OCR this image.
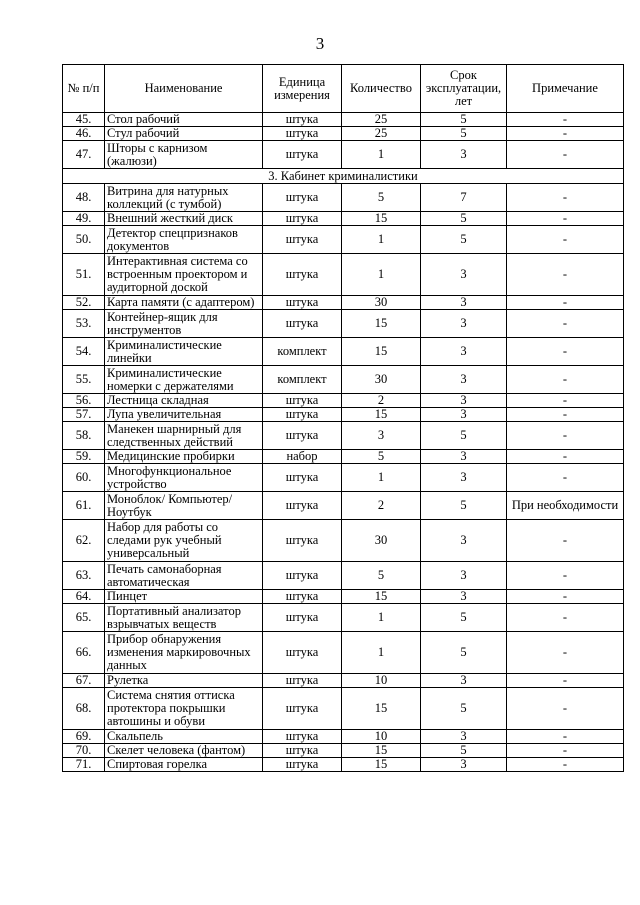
3
№ п/п	Наименование	Единица измерения	Количество	Срок эксплуатации, лет	Примечание
45.	Стол рабочий	штука	25	5	-
46.	Стул рабочий	штука	25	5	-
47.	Шторы с карнизом (жалюзи)	штука	1	3	-
3. Кабинет криминалистики					
48.	Витрина для натурных коллекций (с тумбой)	штука	5	7	-
49.	Внешний жесткий диск	штука	15	5	-
50.	Детектор спецпризнаков документов	штука	1	5	-
51.	Интерактивная система со встроенным проектором и аудиторной доской	штука	1	3	-
52.	Карта памяти (с адаптером)	штука	30	3	-
53.	Контейнер-ящик для инструментов	штука	15	3	-
54.	Криминалистические линейки	комплект	15	3	-
55.	Криминалистические номерки с держателями	комплект	30	3	-
56.	Лестница складная	штука	2	3	-
57.	Лупа увеличительная	штука	15	3	-
58.	Манекен шарнирный для следственных действий	штука	3	5	-
59.	Медицинские пробирки	набор	5	3	-
60.	Многофункциональное устройство	штука	1	3	-
61.	Моноблок/ Компьютер/ Ноутбук	штука	2	5	При необходимости
62.	Набор для работы со следами рук учебный универсальный	штука	30	3	-
63.	Печать самонаборная автоматическая	штука	5	3	-
64.	Пинцет	штука	15	3	-
65.	Портативный анализатор взрывчатых веществ	штука	1	5	-
66.	Прибор обнаружения изменения маркировочных данных	штука	1	5	-
67.	Рулетка	штука	10	3	-
68.	Система снятия оттиска протектора покрышки автошины и обуви	штука	15	5	-
69.	Скальпель	штука	10	3	-
70.	Скелет человека (фантом)	штука	15	5	-
71.	Спиртовая горелка	штука	15	3	-
